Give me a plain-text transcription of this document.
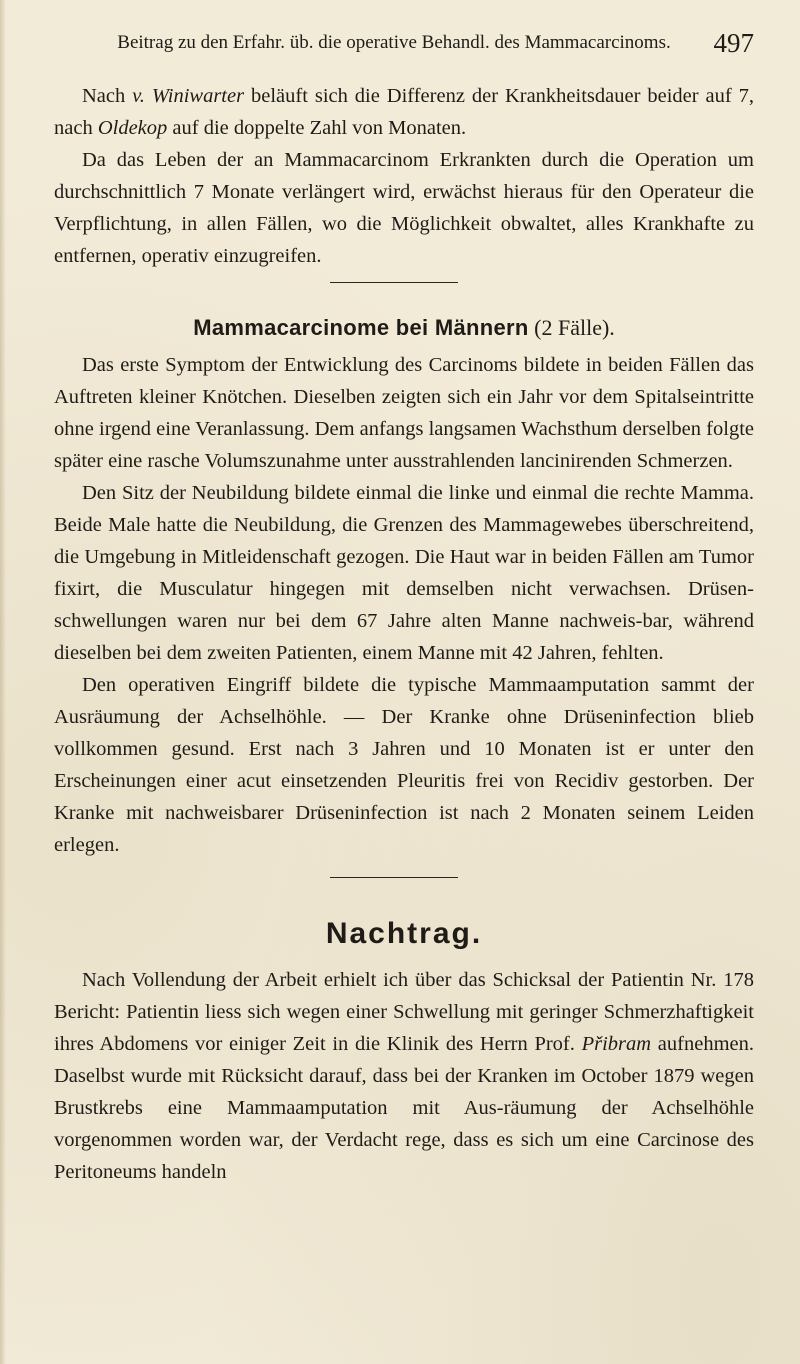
Beitrag zu den Erfahr. üb. die operative Behandl. des Mammacarcinoms. 497

Nach v. Winiwarter beläuft sich die Differenz der Krankheitsdauer beider auf 7, nach Oldekop auf die doppelte Zahl von Monaten.

Da das Leben der an Mammacarcinom Erkrankten durch die Operation um durchschnittlich 7 Monate verlängert wird, erwächst hieraus für den Operateur die Verpflichtung, in allen Fällen, wo die Möglichkeit obwaltet, alles Krankhafte zu entfernen, operativ einzugreifen.

Mammacarcinome bei Männern (2 Fälle).

Das erste Symptom der Entwicklung des Carcinoms bildete in beiden Fällen das Auftreten kleiner Knötchen. Dieselben zeigten sich ein Jahr vor dem Spitalseintritte ohne irgend eine Veranlassung. Dem anfangs langsamen Wachsthum derselben folgte später eine rasche Volumszunahme unter ausstrahlenden lancinirenden Schmerzen.

Den Sitz der Neubildung bildete einmal die linke und einmal die rechte Mamma. Beide Male hatte die Neubildung, die Grenzen des Mammagewebes überschreitend, die Umgebung in Mitleidenschaft gezogen. Die Haut war in beiden Fällen am Tumor fixirt, die Musculatur hingegen mit demselben nicht verwachsen. Drüsen-schwellungen waren nur bei dem 67 Jahre alten Manne nachweis-bar, während dieselben bei dem zweiten Patienten, einem Manne mit 42 Jahren, fehlten.

Den operativen Eingriff bildete die typische Mammaamputation sammt der Ausräumung der Achselhöhle. — Der Kranke ohne Drüseninfection blieb vollkommen gesund. Erst nach 3 Jahren und 10 Monaten ist er unter den Erscheinungen einer acut einsetzenden Pleuritis frei von Recidiv gestorben. Der Kranke mit nachweisbarer Drüseninfection ist nach 2 Monaten seinem Leiden erlegen.

Nachtrag.

Nach Vollendung der Arbeit erhielt ich über das Schicksal der Patientin Nr. 178 Bericht: Patientin liess sich wegen einer Schwellung mit geringer Schmerzhaftigkeit ihres Abdomens vor einiger Zeit in die Klinik des Herrn Prof. Přibram aufnehmen. Daselbst wurde mit Rücksicht darauf, dass bei der Kranken im October 1879 wegen Brustkrebs eine Mammaamputation mit Aus-räumung der Achselhöhle vorgenommen worden war, der Verdacht rege, dass es sich um eine Carcinose des Peritoneums handeln
